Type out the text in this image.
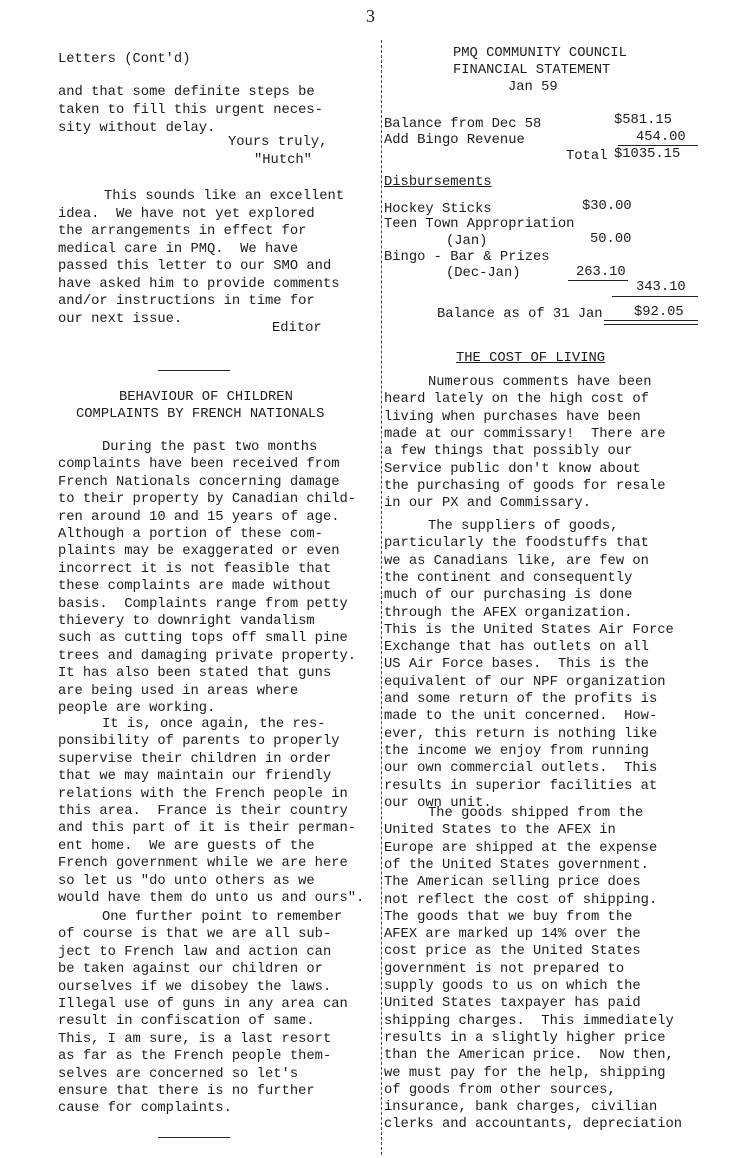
3
Letters (Cont'd)
and that some definite steps be
taken to fill this urgent neces-
sity without delay.
Yours truly,
"Hutch"
This sounds like an excellent
idea.  We have not yet explored
the arrangements in effect for
medical care in PMQ.  We have
passed this letter to our SMO and
have asked him to provide comments
and/or instructions in time for
our next issue.
Editor
BEHAVIOUR OF CHILDREN
COMPLAINTS BY FRENCH NATIONALS
During the past two months
complaints have been received from
French Nationals concerning damage
to their property by Canadian child-
ren around 10 and 15 years of age.
Although a portion of these com-
plaints may be exaggerated or even
incorrect it is not feasible that
these complaints are made without
basis.  Complaints range from petty
thievery to downright vandalism
such as cutting tops off small pine
trees and damaging private property.
It has also been stated that guns
are being used in areas where
people are working.
It is, once again, the res-
ponsibility of parents to properly
supervise their children in order
that we may maintain our friendly
relations with the French people in
this area.  France is their country
and this part of it is their perman-
ent home.  We are guests of the
French government while we are here
so let us "do unto others as we
would have them do unto us and ours".
One further point to remember
of course is that we are all sub-
ject to French law and action can
be taken against our children or
ourselves if we disobey the laws.
Illegal use of guns in any area can
result in confiscation of same.
This, I am sure, is a last resort
as far as the French people them-
selves are concerned so let's
ensure that there is no further
cause for complaints.
PMQ COMMUNITY COUNCIL
FINANCIAL STATEMENT
Jan 59
Balance from Dec 58	$581.15
Add Bingo Revenue	454.00
Total $1035.15
Disbursements
Hockey Sticks	$30.00
Teen Town Appropriation
(Jan)	50.00
Bingo - Bar & Prizes
(Dec-Jan)	263.10
343.10
Balance as of 31 Jan $92.05
THE COST OF LIVING
Numerous comments have been
heard lately on the high cost of
living when purchases have been
made at our commissary!  There are
a few things that possibly our
Service public don't know about
the purchasing of goods for resale
in our PX and Commissary.
The suppliers of goods,
particularly the foodstuffs that
we as Canadians like, are few on
the continent and consequently
much of our purchasing is done
through the AFEX organization.
This is the United States Air Force
Exchange that has outlets on all
US Air Force bases.  This is the
equivalent of our NPF organization
and some return of the profits is
made to the unit concerned.  How-
ever, this return is nothing like
the income we enjoy from running
our own commercial outlets.  This
results in superior facilities at
our own unit.
The goods shipped from the
United States to the AFEX in
Europe are shipped at the expense
of the United States government.
The American selling price does
not reflect the cost of shipping.
The goods that we buy from the
AFEX are marked up 14% over the
cost price as the United States
government is not prepared to
supply goods to us on which the
United States taxpayer has paid
shipping charges.  This immediately
results in a slightly higher price
than the American price.  Now then,
we must pay for the help, shipping
of goods from other sources,
insurance, bank charges, civilian
clerks and accountants, depreciation
